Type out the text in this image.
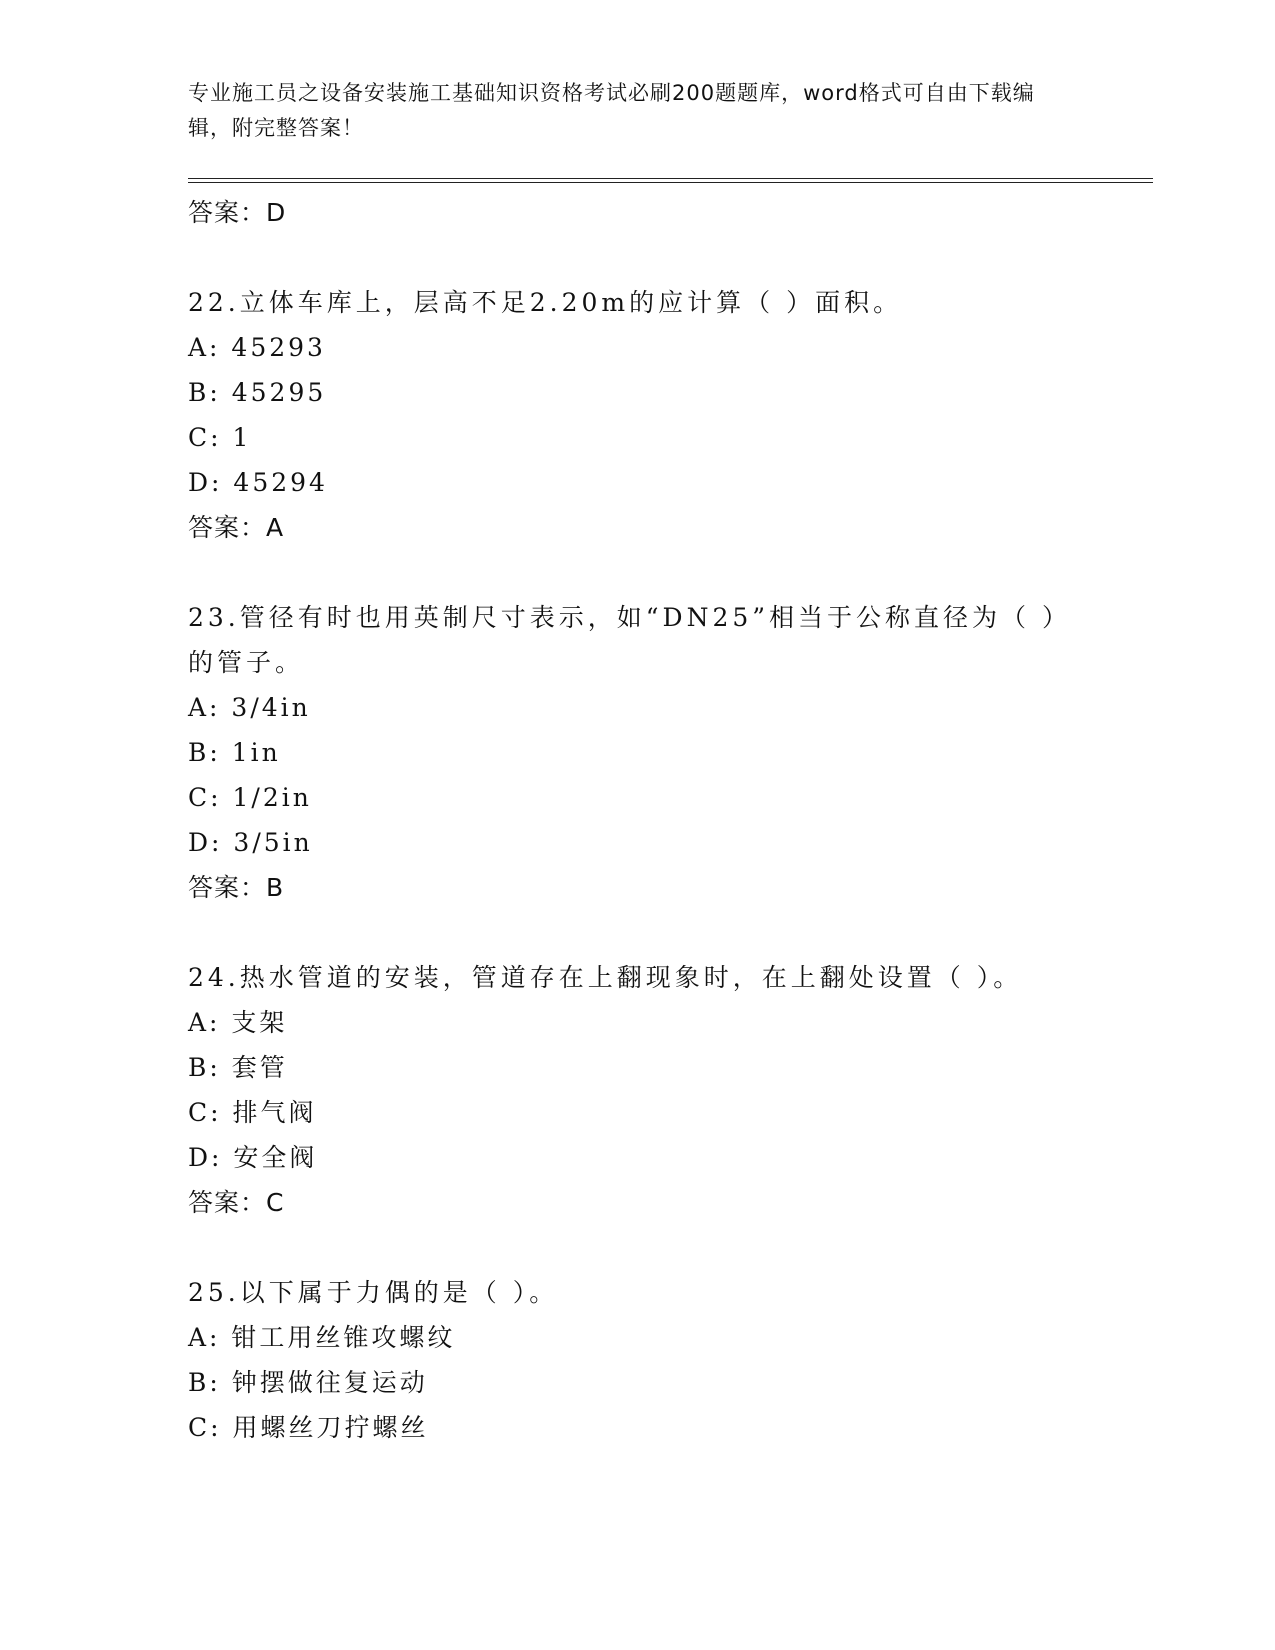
专业施工员之设备安装施工基础知识资格考试必刷200题题库，word格式可自由下载编辑，附完整答案！
答案：D
22.立体车库上，层高不足2.20m的应计算（ ）面积。
A: 45293
B: 45295
C: 1
D: 45294
答案：A
23.管径有时也用英制尺寸表示，如“DN25”相当于公称直径为（ ）的管子。
A: 3/4in
B: 1in
C: 1/2in
D: 3/5in
答案：B
24.热水管道的安装，管道存在上翻现象时，在上翻处设置（ ）。
A: 支架
B: 套管
C: 排气阀
D: 安全阀
答案：C
25.以下属于力偶的是（ ）。
A: 钳工用丝锥攻螺纹
B: 钟摆做往复运动
C: 用螺丝刀拧螺丝
